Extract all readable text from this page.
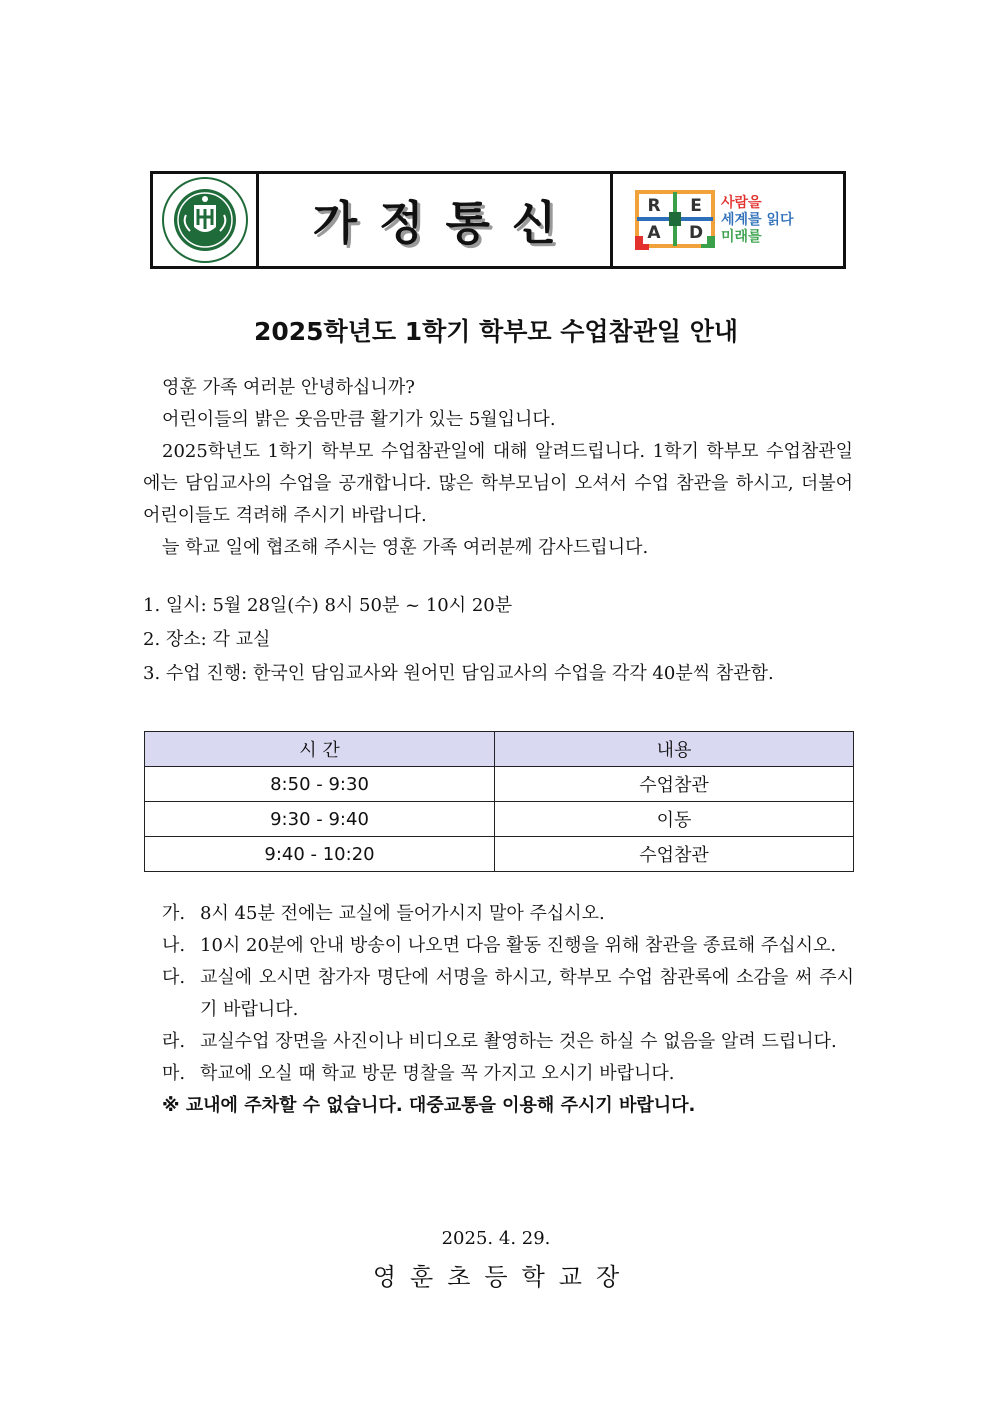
가정통신	R	E
A D
사람을
세계를 읽다
미래를
2025학년도 1학기 학부모 수업참관일 안내

영훈 가족 여러분 안녕하십니까?

어린이들의 밝은 웃음만큼 활기가 있는 5월입니다.

2025학년도 1학기 학부모 수업참관일에 대해 알려드립니다. 1학기 학부모 수업참관일에는 담임교사의 수업을 공개합니다. 많은 학부모님이 오셔서 수업 참관을 하시고, 더불어 어린이들도 격려해 주시기 바랍니다.

늘 학교 일에 협조해 주시는 영훈 가족 여러분께 감사드립니다.

1. 일시: 5월 28일(수) 8시 50분 ~ 10시 20분
2. 장소: 각 교실
3. 수업 진행: 한국인 담임교사와 원어민 담임교사의 수업을 각각 40분씩 참관함.
시 간	내용
8:50 - 9:30	수업참관
9:30 - 9:40	이동
9:40 - 10:20	수업참관
가. 8시 45분 전에는 교실에 들어가시지 말아 주십시오.
나. 10시 20분에 안내 방송이 나오면 다음 활동 진행을 위해 참관을 종료해 주십시오.
다. 교실에 오시면 참가자 명단에 서명을 하시고, 학부모 수업 참관록에 소감을 써 주시기 바랍니다.
라. 교실수업 장면을 사진이나 비디오로 촬영하는 것은 하실 수 없음을 알려 드립니다.
마. 학교에 오실 때 학교 방문 명찰을 꼭 가지고 오시기 바랍니다.
※ 교내에 주차할 수 없습니다. 대중교통을 이용해 주시기 바랍니다.
2025. 4. 29.
영훈초등학교장
